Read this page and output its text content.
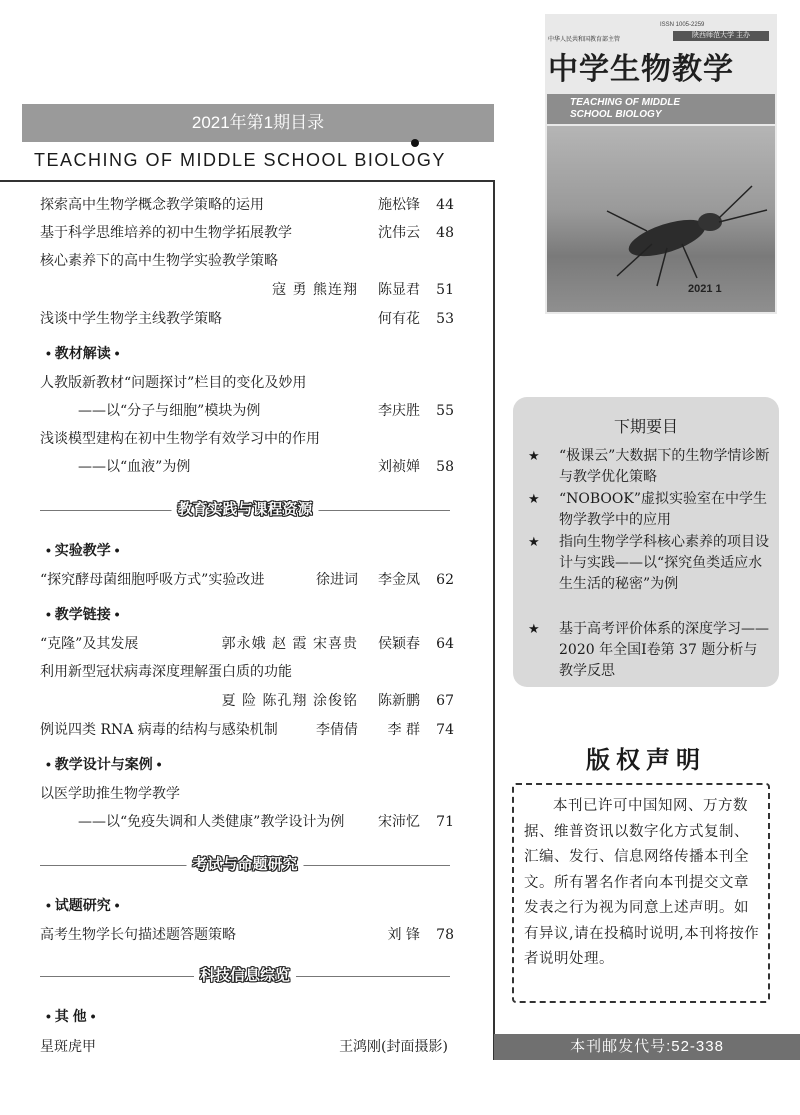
2021年第1期目录
TEACHING OF MIDDLE SCHOOL BIOLOGY
探索高中生物学概念教学策略的运用	施松锋	44
基于科学思维培养的初中生物学拓展教学	沈伟云	48
核心素养下的高中生物学实验教学策略
寇 勇 熊连翔 陈显君	51
浅谈中学生物学主线教学策略	何有花	53
• 教材解读 •
人教版新教材“问题探讨”栏目的变化及妙用
——以“分子与细胞”模块为例	李庆胜	55
浅谈模型建构在初中生物学有效学习中的作用
——以“血液”为例	刘祯婵	58
教育实践与课程资源
• 实验教学 •
“探究酵母菌细胞呼吸方式”实验改进	徐进词 李金凤	62
• 教学链接 •
“克隆”及其发展	郭永娥 赵 霞 宋喜贵 侯颖春	64
利用新型冠状病毒深度理解蛋白质的功能
夏 险 陈孔翔 涂俊铭 陈新鹏	67
例说四类 RNA 病毒的结构与感染机制	李倩倩 李 群	74
• 教学设计与案例 •
以医学助推生物学教学
——以“免疫失调和人类健康”教学设计为例 宋沛忆	71
考试与命题研究
• 试题研究 •
高考生物学长句描述题答题策略	刘 锋	78
科技信息综览
• 其 他 •
星斑虎甲	王鸿刚(封面摄影)
ISSN 1005-2259
中华人民共和国教育部主管
陕西师范大学 主办
中学生物教学
TEACHING OF MIDDLE
SCHOOL BIOLOGY
2021 1
下期要目
★ “极课云”大数据下的生物学情诊断与教学优化策略
★ “NOBOOK”虚拟实验室在中学生物学教学中的应用
★ 指向生物学学科核心素养的项目设计与实践——以“探究鱼类适应水生生活的秘密”为例
★ 基于高考评价体系的深度学习——2020 年全国Ⅰ卷第 37 题分析与教学反思
版权声明
本刊已许可中国知网、万方数据、维普资讯以数字化方式复制、汇编、发行、信息网络传播本刊全文。所有署名作者向本刊提交文章发表之行为视为同意上述声明。如有异议,请在投稿时说明,本刊将按作者说明处理。
本刊邮发代号:52-338
